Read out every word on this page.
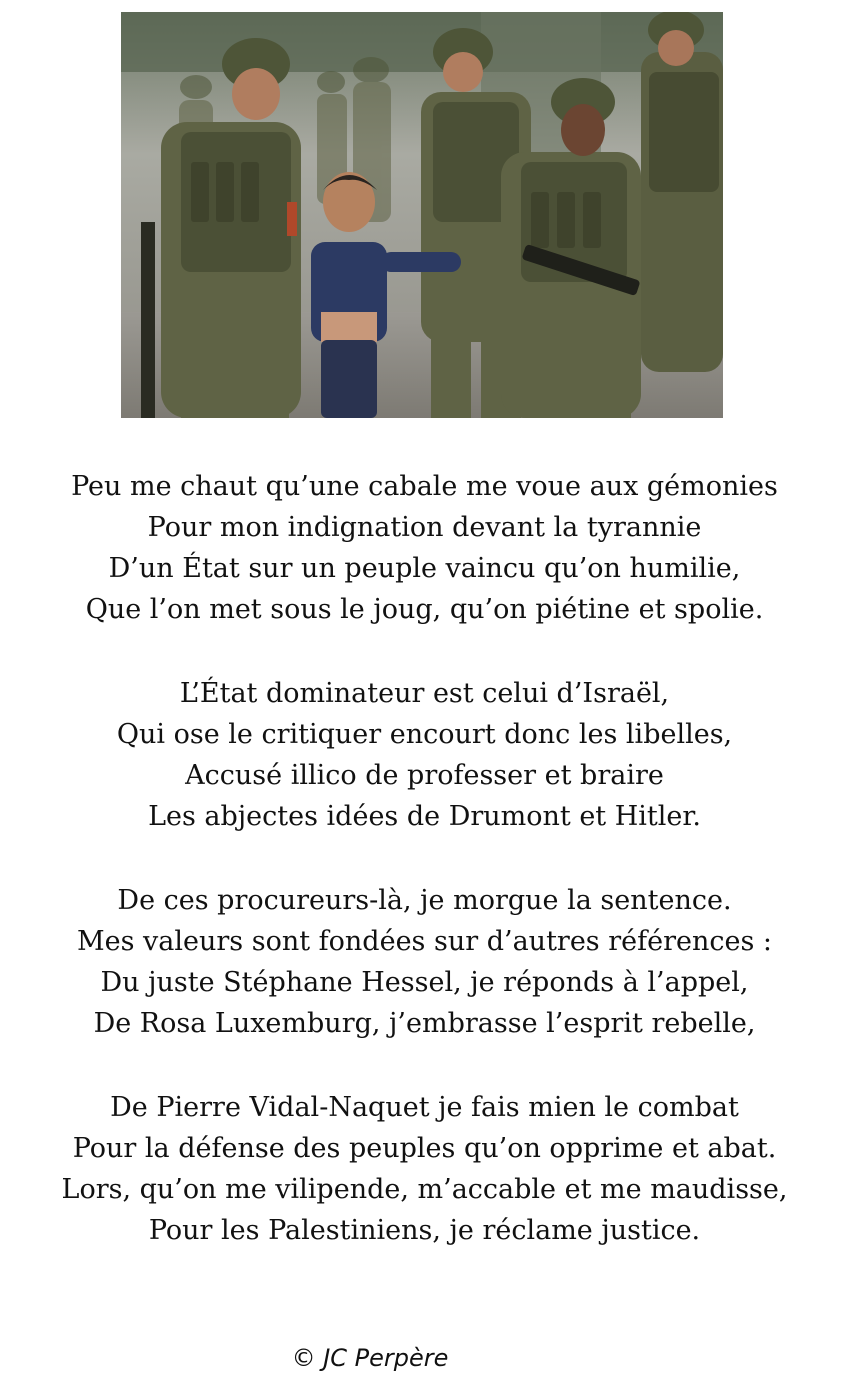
Peu me chaut qu’une cabale me voue aux gémonies
Pour mon indignation devant la tyrannie
D’un État sur un peuple vaincu qu’on humilie,
Que l’on met sous le joug, qu’on piétine et spolie.
L’État dominateur est celui d’Israël,
Qui ose le critiquer encourt donc les libelles,
Accusé illico de professer et braire
Les abjectes idées de Drumont et Hitler.
De ces procureurs-là, je morgue la sentence.
Mes valeurs sont fondées sur d’autres références :
Du juste Stéphane Hessel, je réponds à l’appel,
De Rosa Luxemburg, j’embrasse l’esprit rebelle,
De Pierre Vidal-Naquet je fais mien le combat
Pour la défense des peuples qu’on opprime et abat.
Lors, qu’on me vilipende, m’accable et me maudisse,
Pour les Palestiniens, je réclame justice.
© JC Perpère
